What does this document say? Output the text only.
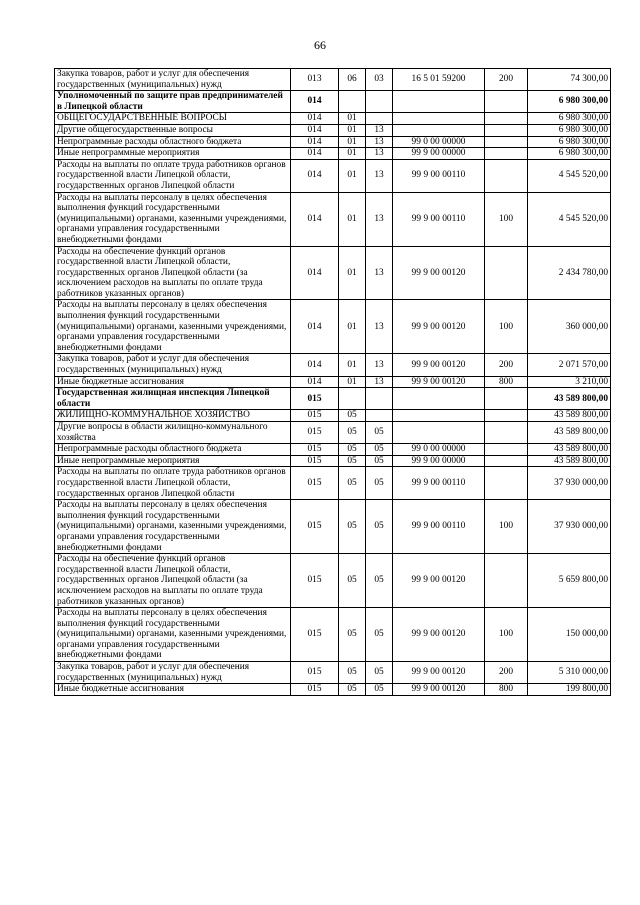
66
Закупка товаров, работ и услуг для обеспечения государственных (муниципальных) нужд	013	06	03	16 5 01 59200	200	74 300,00
Уполномоченный по защите прав предпринимателей в Липецкой области	014					6 980 300,00
ОБЩЕГОСУДАРСТВЕННЫЕ ВОПРОСЫ	014	01				6 980 300,00
Другие общегосударственные вопросы	014	01	13			6 980 300,00
Непрограммные расходы областного бюджета	014	01	13	99 0 00 00000		6 980 300,00
Иные непрограммные мероприятия	014	01	13	99 9 00 00000		6 980 300,00
Расходы на выплаты по оплате труда работников органов государственной власти Липецкой области, государственных органов Липецкой области	014	01	13	99 9 00 00110		4 545 520,00
Расходы на выплаты персоналу в целях обеспечения выполнения функций государственными (муниципальными) органами, казенными учреждениями, органами управления государственными внебюджетными фондами	014	01	13	99 9 00 00110	100	4 545 520,00
Расходы на обеспечение функций органов государственной власти Липецкой области, государственных органов Липецкой области (за исключением расходов на выплаты по оплате труда работников указанных органов)	014	01	13	99 9 00 00120		2 434 780,00
Расходы на выплаты персоналу в целях обеспечения выполнения функций государственными (муниципальными) органами, казенными учреждениями, органами управления государственными внебюджетными фондами	014	01	13	99 9 00 00120	100	360 000,00
Закупка товаров, работ и услуг для обеспечения государственных (муниципальных) нужд	014	01	13	99 9 00 00120	200	2 071 570,00
Иные бюджетные ассигнования	014	01	13	99 9 00 00120	800	3 210,00
Государственная жилищная инспекция Липецкой области	015					43 589 800,00
ЖИЛИЩНО-КОММУНАЛЬНОЕ ХОЗЯЙСТВО	015	05				43 589 800,00
Другие вопросы в области жилищно-коммунального хозяйства	015	05	05			43 589 800,00
Непрограммные расходы областного бюджета	015	05	05	99 0 00 00000		43 589 800,00
Иные непрограммные мероприятия	015	05	05	99 9 00 00000		43 589 800,00
Расходы на выплаты по оплате труда работников органов государственной власти Липецкой области, государственных органов Липецкой области	015	05	05	99 9 00 00110		37 930 000,00
Расходы на выплаты персоналу в целях обеспечения выполнения функций государственными (муниципальными) органами, казенными учреждениями, органами управления государственными внебюджетными фондами	015	05	05	99 9 00 00110	100	37 930 000,00
Расходы на обеспечение функций органов государственной власти Липецкой области, государственных органов Липецкой области (за исключением расходов на выплаты по оплате труда работников указанных органов)	015	05	05	99 9 00 00120		5 659 800,00
Расходы на выплаты персоналу в целях обеспечения выполнения функций государственными (муниципальными) органами, казенными учреждениями, органами управления государственными внебюджетными фондами	015	05	05	99 9 00 00120	100	150 000,00
Закупка товаров, работ и услуг для обеспечения государственных (муниципальных) нужд	015	05	05	99 9 00 00120	200	5 310 000,00
Иные бюджетные ассигнования	015	05	05	99 9 00 00120	800	199 800,00
